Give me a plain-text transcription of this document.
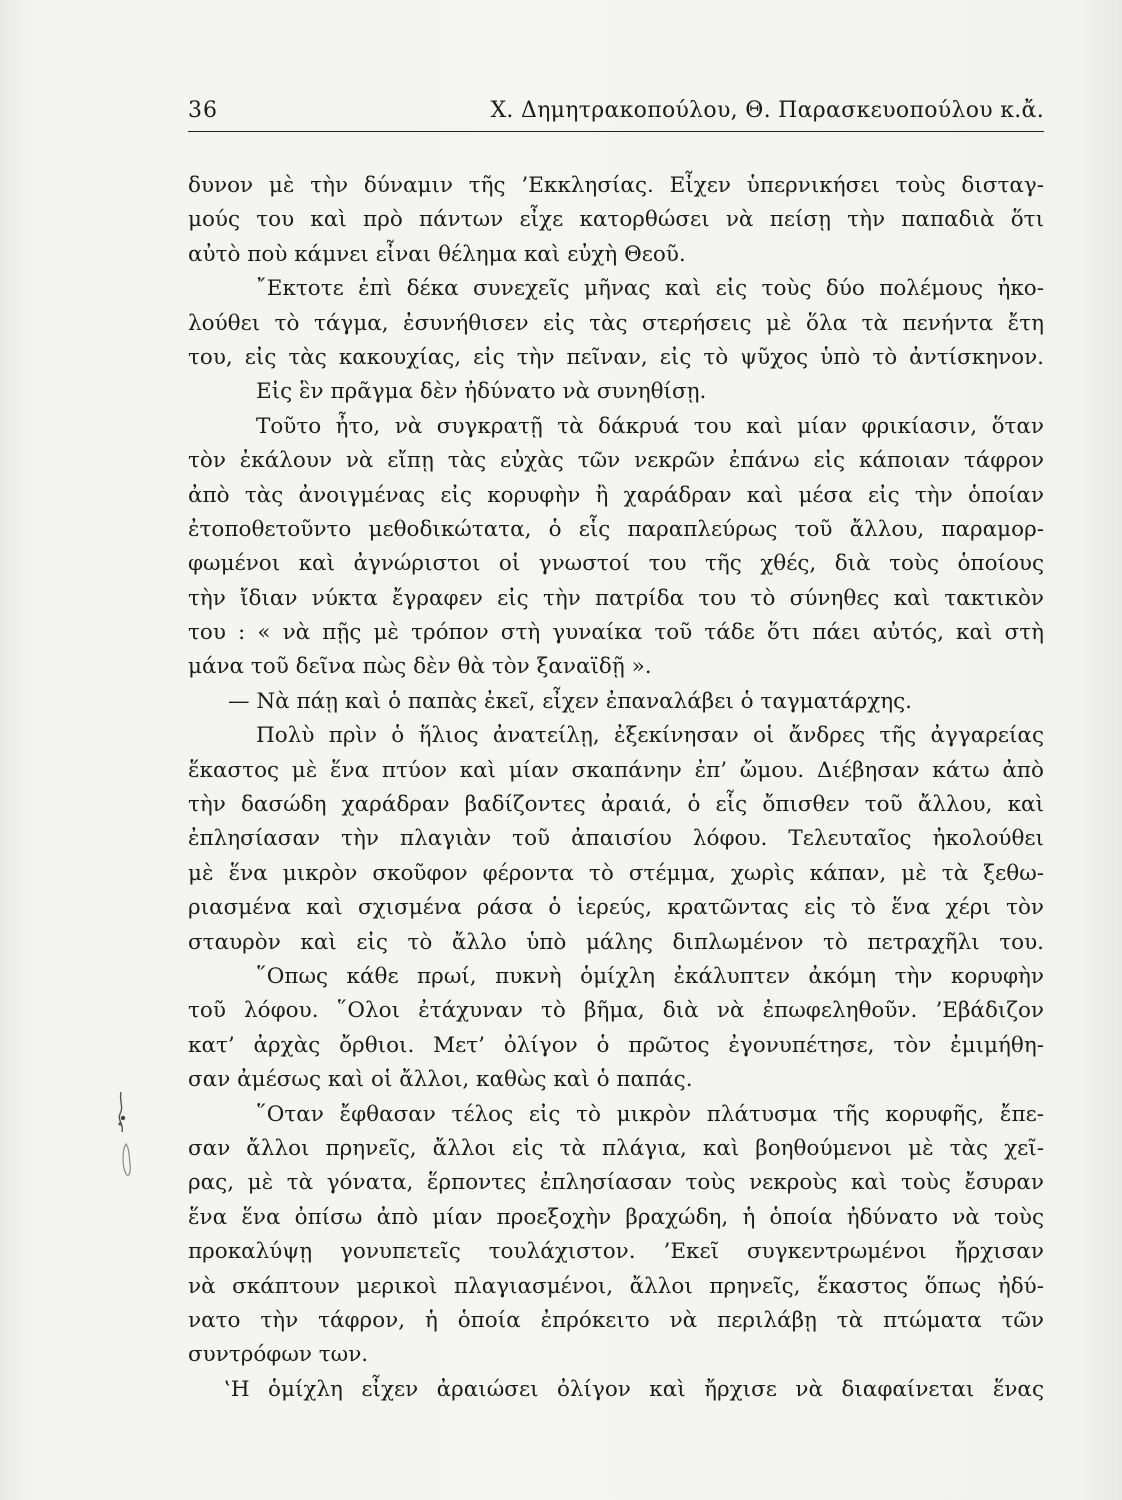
36	Χ. Δημητρακοπούλου, Θ. Παρασκευοπούλου κ.ἄ.
δυνον μὲ τὴν δύναμιν τῆς ’Εκκλησίας. Εἶχεν ὑπερνικήσει τοὺς δισταγ-
μούς του καὶ πρὸ πάντων εἶχε κατορθώσει νὰ πείσῃ τὴν παπαδιὰ ὅτι
αὐτὸ ποὺ κάμνει εἶναι θέλημα καὶ εὐχὴ Θεοῦ.
῎Εκτοτε ἐπὶ δέκα συνεχεῖς μῆνας καὶ εἰς τοὺς δύο πολέμους ἠκο-
λούθει τὸ τάγμα, ἐσυνήθισεν εἰς τὰς στερήσεις μὲ ὅλα τὰ πενήντα ἔτη
του, εἰς τὰς κακουχίας, εἰς τὴν πεῖναν, εἰς τὸ ψῦχος ὑπὸ τὸ ἀντίσκηνον.
Εἰς ἓν πρᾶγμα δὲν ἠδύνατο νὰ συνηθίσῃ.
Τοῦτο ἦτο, νὰ συγκρατῇ τὰ δάκρυά του καὶ μίαν φρικίασιν, ὅταν
τὸν ἐκάλουν νὰ εἴπῃ τὰς εὐχὰς τῶν νεκρῶν ἐπάνω εἰς κάποιαν τάφρον
ἀπὸ τὰς ἀνοιγμένας εἰς κορυφὴν ἢ χαράδραν καὶ μέσα εἰς τὴν ὁποίαν
ἐτοποθετοῦντο μεθοδικώτατα, ὁ εἷς παραπλεύρως τοῦ ἄλλου, παραμορ-
φωμένοι καὶ ἀγνώριστοι οἱ γνωστοί του τῆς χθές, διὰ τοὺς ὁποίους
τὴν ἴδιαν νύκτα ἔγραφεν εἰς τὴν πατρίδα του τὸ σύνηθες καὶ τακτικὸν
του : « νὰ πῇς μὲ τρόπον στὴ γυναίκα τοῦ τάδε ὅτι πάει αὐτός, καὶ στὴ
μάνα τοῦ δεῖνα πὼς δὲν θὰ τὸν ξαναϊδῇ ».
— Νὰ πάῃ καὶ ὁ παπὰς ἐκεῖ, εἶχεν ἐπαναλάβει ὁ ταγματάρχης.
Πολὺ πρὶν ὁ ἥλιος ἀνατείλῃ, ἐξεκίνησαν οἱ ἄνδρες τῆς ἀγγαρείας
ἕκαστος μὲ ἕνα πτύον καὶ μίαν σκαπάνην ἐπ’ ὤμου. Διέβησαν κάτω ἀπὸ
τὴν δασώδη χαράδραν βαδίζοντες ἀραιά, ὁ εἷς ὄπισθεν τοῦ ἄλλου, καὶ
ἐπλησίασαν τὴν πλαγιὰν τοῦ ἀπαισίου λόφου. Τελευταῖος ἠκολούθει
μὲ ἕνα μικρὸν σκοῦφον φέροντα τὸ στέμμα, χωρὶς κάπαν, μὲ τὰ ξεθω-
ριασμένα καὶ σχισμένα ράσα ὁ ἱερεύς, κρατῶντας εἰς τὸ ἕνα χέρι τὸν
σταυρὸν καὶ εἰς τὸ ἄλλο ὑπὸ μάλης διπλωμένον τὸ πετραχῆλι του.
῞Οπως κάθε πρωί, πυκνὴ ὁμίχλη ἐκάλυπτεν ἀκόμη τὴν κορυφὴν
τοῦ λόφου. ῞Ολοι ἐτάχυναν τὸ βῆμα, διὰ νὰ ἐπωφεληθοῦν. ’Εβάδιζον
κατ’ ἀρχὰς ὄρθιοι. Μετ’ ὀλίγον ὁ πρῶτος ἐγονυπέτησε, τὸν ἐμιμήθη-
σαν ἀμέσως καὶ οἱ ἄλλοι, καθὼς καὶ ὁ παπάς.
῞Οταν ἔφθασαν τέλος εἰς τὸ μικρὸν πλάτυσμα τῆς κορυφῆς, ἔπε-
σαν ἄλλοι πρηνεῖς, ἄλλοι εἰς τὰ πλάγια, καὶ βοηθούμενοι μὲ τὰς χεῖ-
ρας, μὲ τὰ γόνατα, ἕρποντες ἐπλησίασαν τοὺς νεκροὺς καὶ τοὺς ἔσυραν
ἕνα ἕνα ὀπίσω ἀπὸ μίαν προεξοχὴν βραχώδη, ἡ ὁποία ἠδύνατο νὰ τοὺς
προκαλύψῃ γονυπετεῖς τουλάχιστον. ’Εκεῖ συγκεντρωμένοι ἤρχισαν
νὰ σκάπτουν μερικοὶ πλαγιασμένοι, ἄλλοι πρηνεῖς, ἕκαστος ὅπως ἠδύ-
νατο τὴν τάφρον, ἡ ὁποία ἐπρόκειτο νὰ περιλάβῃ τὰ πτώματα τῶν
συντρόφων των.
‛Η ὁμίχλη εἶχεν ἀραιώσει ὀλίγον καὶ ἤρχισε νὰ διαφαίνεται ἕνας
